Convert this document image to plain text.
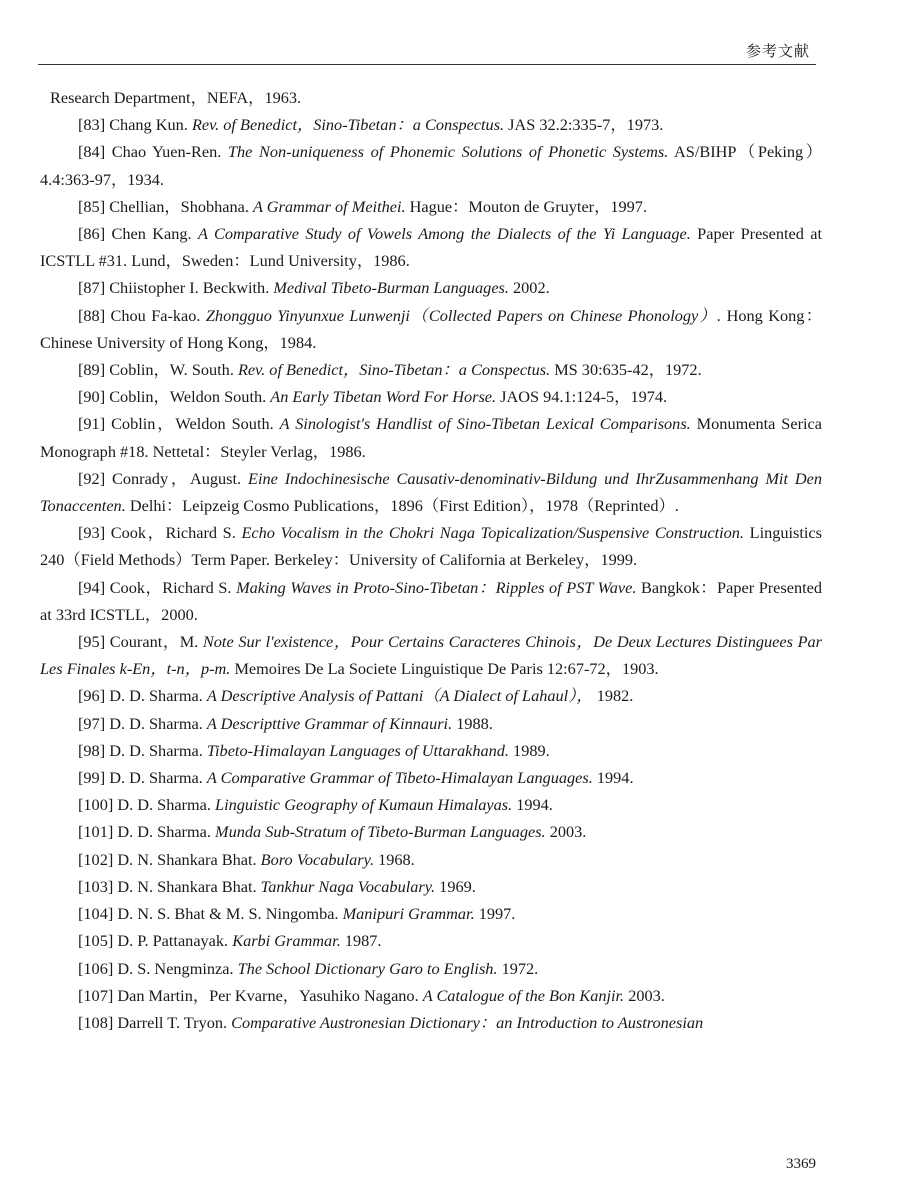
参考文献

Research Department，NEFA，1963.

[83] Chang Kun. Rev. of Benedict，Sino-Tibetan：a Conspectus. JAS 32.2:335-7，1973.

[84] Chao Yuen-Ren. The Non-uniqueness of Phonemic Solutions of Phonetic Systems. AS/BIHP（Peking）4.4:363-97，1934.

[85] Chellian，Shobhana. A Grammar of Meithei. Hague：Mouton de Gruyter，1997.

[86] Chen Kang. A Comparative Study of Vowels Among the Dialects of the Yi Language. Paper Presented at ICSTLL #31. Lund，Sweden：Lund University，1986.

[87] Chiistopher I. Beckwith. Medival Tibeto-Burman Languages. 2002.

[88] Chou Fa-kao. Zhongguo Yinyunxue Lunwenji（Collected Papers on Chinese Phonology）. Hong Kong：Chinese University of Hong Kong，1984.

[89] Coblin，W. South. Rev. of Benedict，Sino-Tibetan：a Conspectus. MS 30:635-42，1972.

[90] Coblin，Weldon South. An Early Tibetan Word For Horse. JAOS 94.1:124-5，1974.

[91] Coblin，Weldon South. A Sinologist's Handlist of Sino-Tibetan Lexical Comparisons. Monumenta Serica Monograph #18. Nettetal：Steyler Verlag，1986.

[92] Conrady，August. Eine Indochinesische Causativ-denominativ-Bildung und IhrZusammenhang Mit Den Tonaccenten. Delhi：Leipzeig Cosmo Publications，1896（First Edition），1978（Reprinted）.

[93] Cook，Richard S. Echo Vocalism in the Chokri Naga Topicalization/Suspensive Construction. Linguistics 240（Field Methods）Term Paper. Berkeley：University of California at Berkeley，1999.

[94] Cook，Richard S. Making Waves in Proto-Sino-Tibetan：Ripples of PST Wave. Bangkok：Paper Presented at 33rd ICSTLL，2000.

[95] Courant，M. Note Sur l'existence，Pour Certains Caracteres Chinois，De Deux Lectures Distinguees Par Les Finales k-En，t-n，p-m. Memoires De La Societe Linguistique De Paris 12:67-72，1903.

[96] D. D. Sharma. A Descriptive Analysis of Pattani（A Dialect of Lahaul）， 1982.

[97] D. D. Sharma. A Descripttive Grammar of Kinnauri. 1988.

[98] D. D. Sharma. Tibeto-Himalayan Languages of Uttarakhand. 1989.

[99] D. D. Sharma. A Comparative Grammar of Tibeto-Himalayan Languages. 1994.

[100] D. D. Sharma. Linguistic Geography of Kumaun Himalayas. 1994.

[101] D. D. Sharma. Munda Sub-Stratum of Tibeto-Burman Languages. 2003.

[102] D. N. Shankara Bhat. Boro Vocabulary. 1968.

[103] D. N. Shankara Bhat. Tankhur Naga Vocabulary. 1969.

[104] D. N. S. Bhat & M. S. Ningomba. Manipuri Grammar. 1997.

[105] D. P. Pattanayak. Karbi Grammar. 1987.

[106] D. S. Nengminza. The School Dictionary Garo to English. 1972.

[107] Dan Martin，Per Kvarne，Yasuhiko Nagano. A Catalogue of the Bon Kanjir. 2003.

[108] Darrell T. Tryon. Comparative Austronesian Dictionary：an Introduction to Austronesian

3369
